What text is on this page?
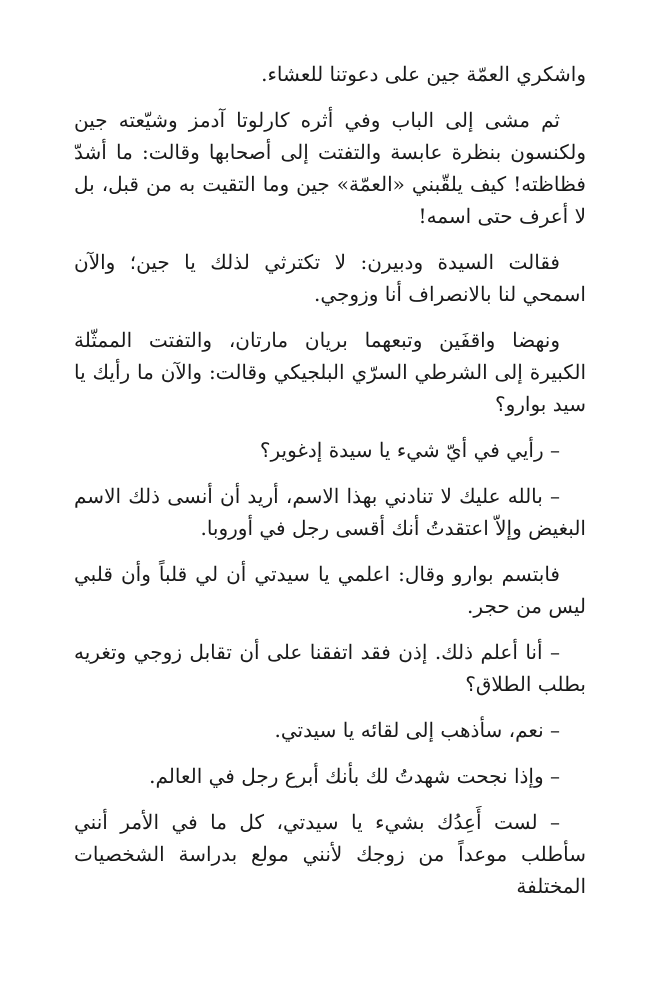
واشكري العمّة جين على دعوتنا للعشاء.

ثم مشى إلى الباب وفي أثره كارلوتا آدمز وشيّعته جين ولكنسون بنظرة عابسة والتفتت إلى أصحابها وقالت: ما أشدّ فظاظته! كيف يلقّبني «العمّة» جين وما التقيت به من قبل، بل لا أعرف حتى اسمه!

فقالت السيدة ودبيرن: لا تكترثي لذلك يا جين؛ والآن اسمحي لنا بالانصراف أنا وزوجي.

ونهضا واقفَين وتبعهما بريان مارتان، والتفتت الممثّلة الكبيرة إلى الشرطي السرّي البلجيكي وقالت: والآن ما رأيك يا سيد بوارو؟

– رأيي في أيّ شيء يا سيدة إدغوير؟

– بالله عليك لا تنادني بهذا الاسم، أريد أن أنسى ذلك الاسم البغيض وإلاّ اعتقدتُ أنك أقسى رجل في أوروبا.

فابتسم بوارو وقال: اعلمي يا سيدتي أن لي قلباً وأن قلبي ليس من حجر.

– أنا أعلم ذلك. إذن فقد اتفقنا على أن تقابل زوجي وتغريه بطلب الطلاق؟

– نعم، سأذهب إلى لقائه يا سيدتي.

– وإذا نجحت شهدتُ لك بأنك أبرع رجل في العالم.

– لست أَعِدُك بشيء يا سيدتي، كل ما في الأمر أنني سأطلب موعداً من زوجك لأنني مولع بدراسة الشخصيات المختلفة
